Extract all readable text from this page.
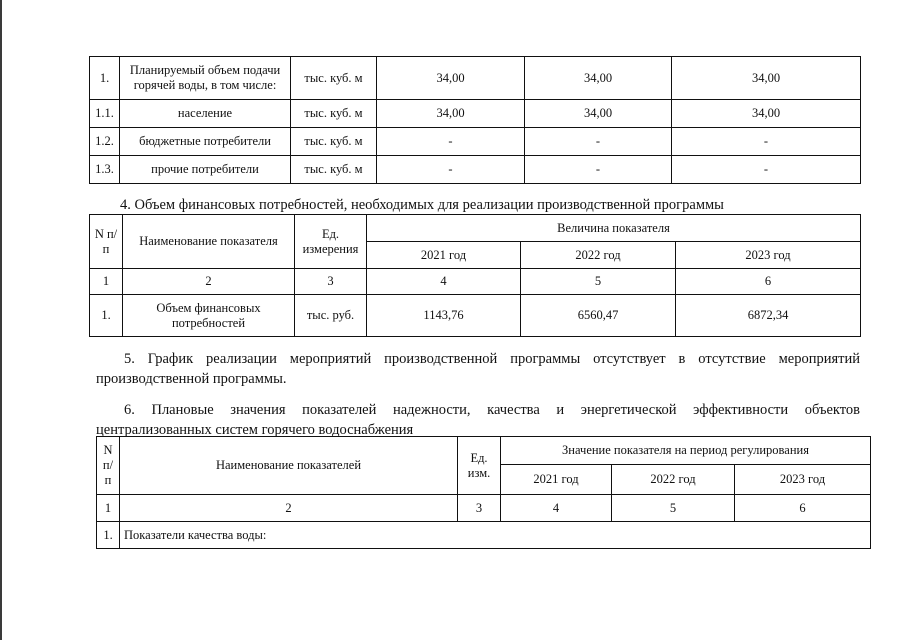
1.	Планируемый объем подачи горячей воды, в том числе:	тыс. куб. м	34,00	34,00	34,00
1.1.	население	тыс. куб. м	34,00	34,00	34,00
1.2.	бюджетные потребители	тыс. куб. м	-	-	-
1.3.	прочие потребители	тыс. куб. м	-	-	-
4. Объем финансовых потребностей, необходимых для реализации производственной программы
N п/п	Наименование показателя	Ед. измерения	Величина показателя		
			2021 год	2022 год	2023 год
1	2	3	4	5	6
1.	Объем финансовых потребностей	тыс. руб.	1143,76	6560,47	6872,34
5. График реализации мероприятий производственной программы отсутствует в отсутствие мероприятий производственной программы.
6. Плановые значения показателей надежности, качества и энергетической эффективности объектов централизованных систем горячего водоснабжения
N п/ п	Наименование показателей	Ед. изм.	Значение показателя на период регулирования		
			2021 год	2022 год	2023 год
1	2	3	4	5	6
1.	Показатели качества воды:				
